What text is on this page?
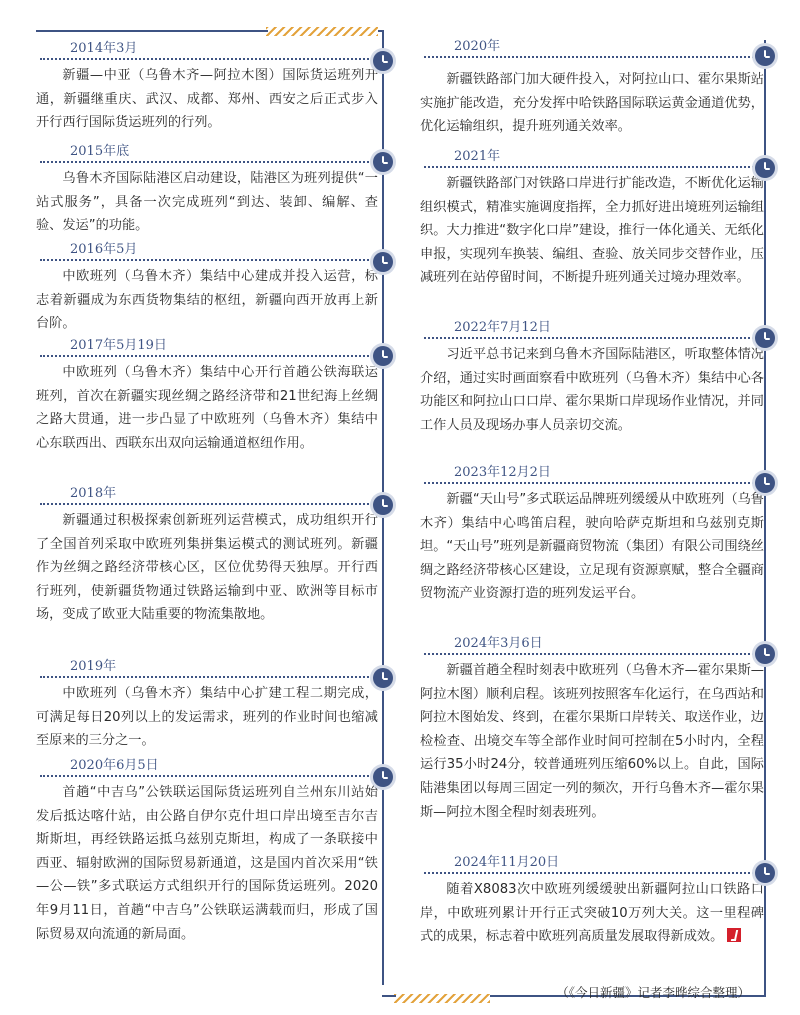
2014年3月

新疆—中亚（乌鲁木齐—阿拉木图）国际货运班列开通，新疆继重庆、武汉、成都、郑州、西安之后正式步入开行西行国际货运班列的行列。

2015年底

乌鲁木齐国际陆港区启动建设，陆港区为班列提供“一站式服务”，具备一次完成班列“到达、装卸、编解、查验、发运”的功能。

2016年5月

中欧班列（乌鲁木齐）集结中心建成并投入运营，标志着新疆成为东西货物集结的枢纽，新疆向西开放再上新台阶。

2017年5月19日

中欧班列（乌鲁木齐）集结中心开行首趟公铁海联运班列，首次在新疆实现丝绸之路经济带和21世纪海上丝绸之路大贯通，进一步凸显了中欧班列（乌鲁木齐）集结中心东联西出、西联东出双向运输通道枢纽作用。

2018年

新疆通过积极探索创新班列运营模式，成功组织开行了全国首列采取中欧班列集拼集运模式的测试班列。新疆作为丝绸之路经济带核心区，区位优势得天独厚。开行西行班列，使新疆货物通过铁路运输到中亚、欧洲等目标市场，变成了欧亚大陆重要的物流集散地。

2019年

中欧班列（乌鲁木齐）集结中心扩建工程二期完成，可满足每日20列以上的发运需求，班列的作业时间也缩减至原来的三分之一。

2020年6月5日

首趟“中吉乌”公铁联运国际货运班列自兰州东川站始发后抵达喀什站，由公路自伊尔克什坦口岸出境至吉尔吉斯斯坦，再经铁路运抵乌兹别克斯坦，构成了一条联接中西亚、辐射欧洲的国际贸易新通道，这是国内首次采用“铁—公—铁”多式联运方式组织开行的国际货运班列。2020年9月11日，首趟“中吉乌”公铁联运满载而归，形成了国际贸易双向流通的新局面。

2020年

新疆铁路部门加大硬件投入，对阿拉山口、霍尔果斯站实施扩能改造，充分发挥中哈铁路国际联运黄金通道优势，优化运输组织，提升班列通关效率。

2021年

新疆铁路部门对铁路口岸进行扩能改造，不断优化运输组织模式，精准实施调度指挥，全力抓好进出境班列运输组织。大力推进“数字化口岸”建设，推行一体化通关、无纸化申报，实现列车换装、编组、查验、放关同步交替作业，压减班列在站停留时间，不断提升班列通关过境办理效率。

2022年7月12日

习近平总书记来到乌鲁木齐国际陆港区，听取整体情况介绍，通过实时画面察看中欧班列（乌鲁木齐）集结中心各功能区和阿拉山口口岸、霍尔果斯口岸现场作业情况，并同工作人员及现场办事人员亲切交流。

2023年12月2日

新疆“天山号”多式联运品牌班列缓缓从中欧班列（乌鲁木齐）集结中心鸣笛启程，驶向哈萨克斯坦和乌兹别克斯坦。“天山号”班列是新疆商贸物流（集团）有限公司围绕丝绸之路经济带核心区建设，立足现有资源禀赋，整合全疆商贸物流产业资源打造的班列发运平台。

2024年3月6日

新疆首趟全程时刻表中欧班列（乌鲁木齐—霍尔果斯—阿拉木图）顺利启程。该班列按照客车化运行，在乌西站和阿拉木图始发、终到，在霍尔果斯口岸转关、取送作业，边检检查、出境交车等全部作业时间可控制在5小时内，全程运行35小时24分，较普通班列压缩60%以上。自此，国际陆港集团以每周三固定一列的频次，开行乌鲁木齐—霍尔果斯—阿拉木图全程时刻表班列。

2024年11月20日

随着X8083次中欧班列缓缓驶出新疆阿拉山口铁路口岸，中欧班列累计开行正式突破10万列大关。这一里程碑式的成果，标志着中欧班列高质量发展取得新成效。

（《今日新疆》记者李晔综合整理）
